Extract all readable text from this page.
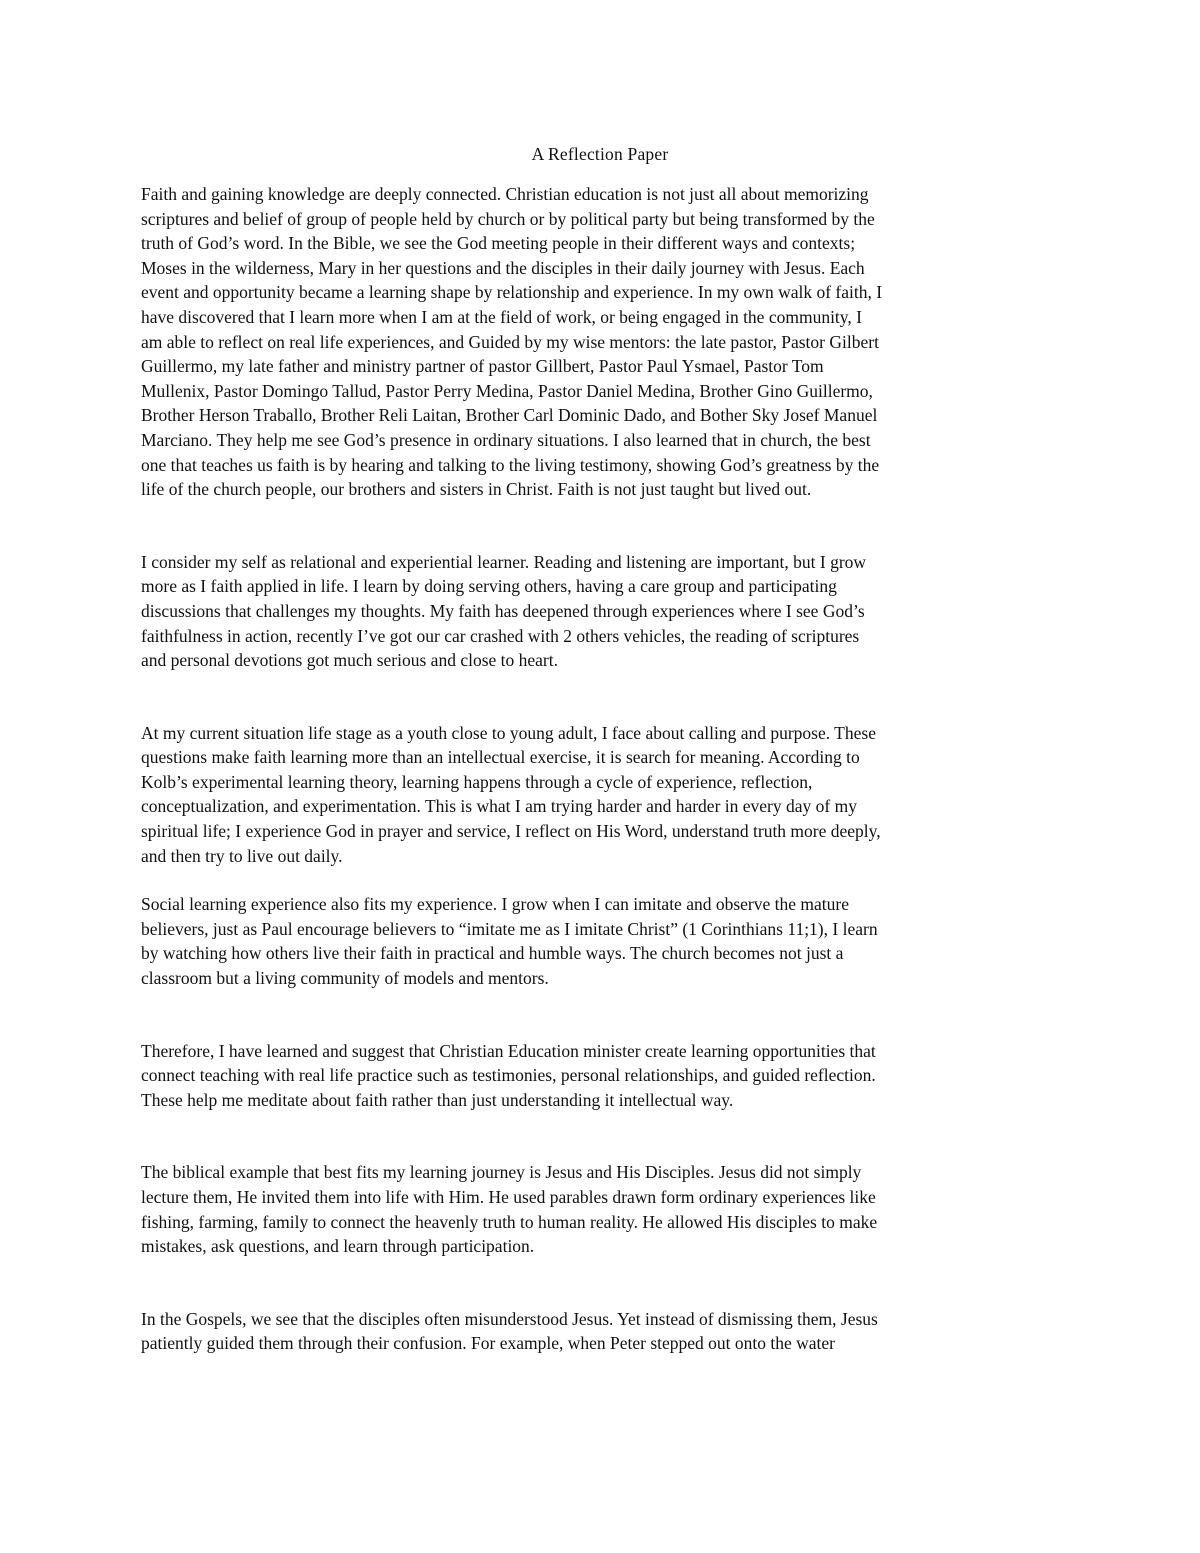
A Reflection Paper

Faith and gaining knowledge are deeply connected. Christian education is not just all about memorizing
scriptures and belief of group of people held by church or by political party but being transformed by the
truth of God’s word. In the Bible, we see the God meeting people in their different ways and contexts;
Moses in the wilderness, Mary in her questions and the disciples in their daily journey with Jesus. Each
event and opportunity became a learning shape by relationship and experience. In my own walk of faith, I
have discovered that I learn more when I am at the field of work, or being engaged in the community, I
am able to reflect on real life experiences, and Guided by my wise mentors: the late pastor, Pastor Gilbert
Guillermo, my late father and ministry partner of pastor Gillbert, Pastor Paul Ysmael, Pastor Tom
Mullenix, Pastor Domingo Tallud, Pastor Perry Medina, Pastor Daniel Medina, Brother Gino Guillermo,
Brother Herson Traballo, Brother Reli Laitan, Brother Carl Dominic Dado, and Bother Sky Josef Manuel
Marciano. They help me see God’s presence in ordinary situations. I also learned that in church, the best
one that teaches us faith is by hearing and talking to the living testimony, showing God’s greatness by the
life of the church people, our brothers and sisters in Christ. Faith is not just taught but lived out.

I consider my self as relational and experiential learner. Reading and listening are important, but I grow
more as I faith applied in life. I learn by doing serving others, having a care group and participating
discussions that challenges my thoughts. My faith has deepened through experiences where I see God’s
faithfulness in action, recently I’ve got our car crashed with 2 others vehicles, the reading of scriptures
and personal devotions got much serious and close to heart.

At my current situation life stage as a youth close to young adult, I face about calling and purpose. These
questions make faith learning more than an intellectual exercise, it is search for meaning. According to
Kolb’s experimental learning theory, learning happens through a cycle of experience, reflection,
conceptualization, and experimentation. This is what I am trying harder and harder in every day of my
spiritual life; I experience God in prayer and service, I reflect on His Word, understand truth more deeply,
and then try to live out daily.

Social learning experience also fits my experience. I grow when I can imitate and observe the mature
believers, just as Paul encourage believers to “imitate me as I imitate Christ” (1 Corinthians 11;1), I learn
by watching how others live their faith in practical and humble ways. The church becomes not just a
classroom but a living community of models and mentors.

Therefore, I have learned and suggest that Christian Education minister create learning opportunities that
connect teaching with real life practice such as testimonies, personal relationships, and guided reflection.
These help me meditate about faith rather than just understanding it intellectual way.

The biblical example that best fits my learning journey is Jesus and His Disciples. Jesus did not simply
lecture them, He invited them into life with Him. He used parables drawn form ordinary experiences like
fishing, farming, family to connect the heavenly truth to human reality. He allowed His disciples to make
mistakes, ask questions, and learn through participation.

In the Gospels, we see that the disciples often misunderstood Jesus. Yet instead of dismissing them, Jesus
patiently guided them through their confusion. For example, when Peter stepped out onto the water
